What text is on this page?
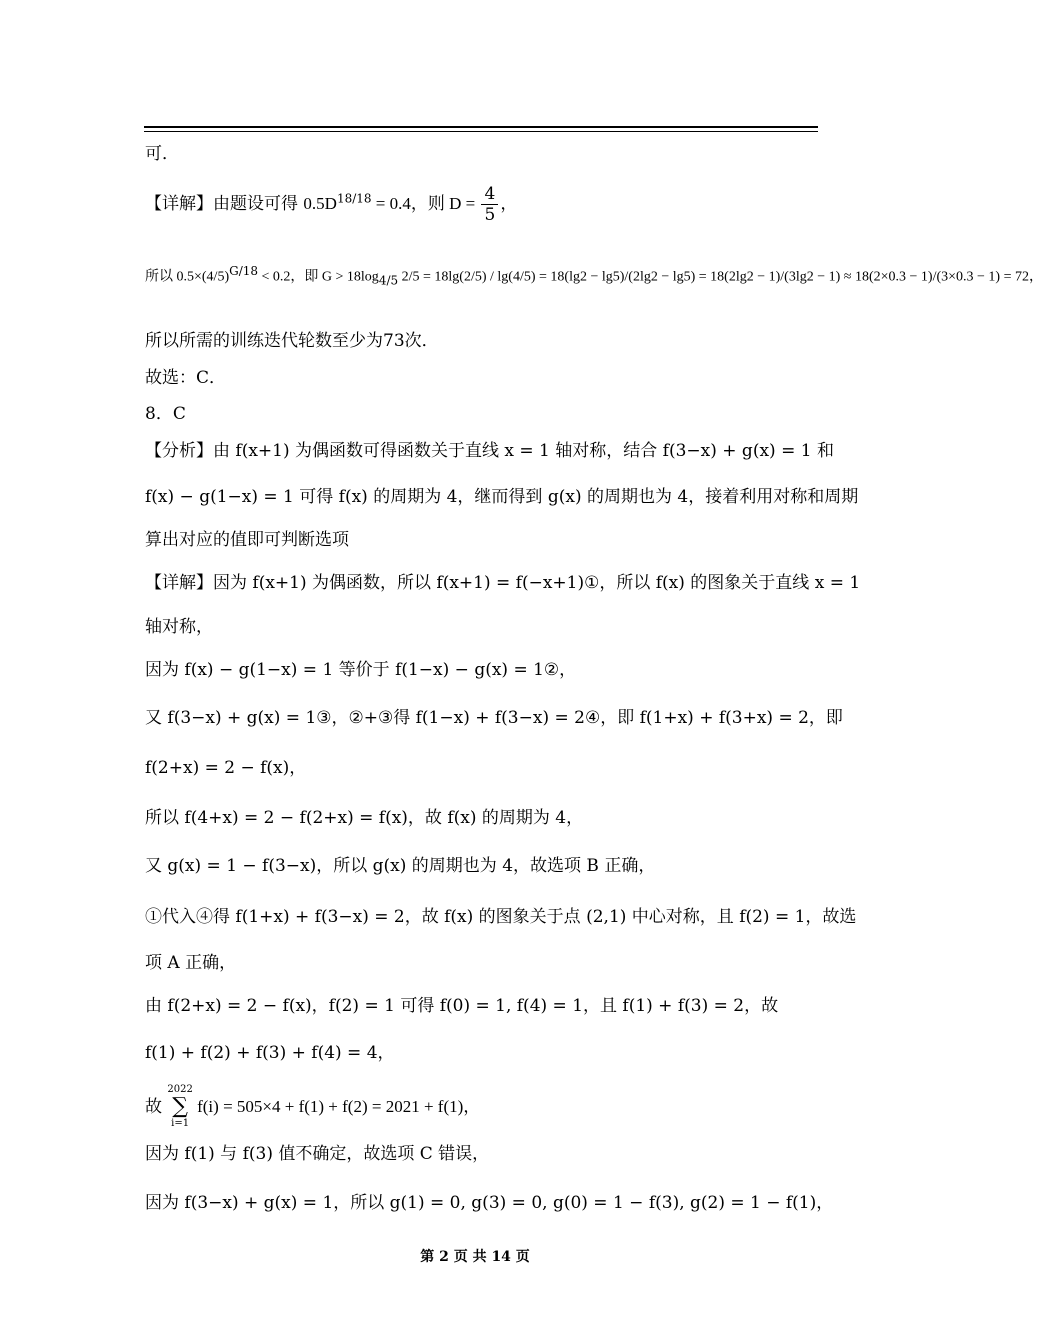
可．
【详解】由题设可得 $0.5D^{18/18} = 0.4$，则 $D = \frac{4}{5}$ ，
所以 $0.5\times(4/5)^{G/18} < 0.2$，即 $G > 18\log_{4/5}$ 2/5 = 18lg(2/5) / lg(4/5) = 18(lg2 − lg5)/(2lg2 − lg5) = 18(2lg2 − 1)/(3lg2 − 1) ≈ 18(2×0.3 − 1)/(3×0.3 − 1) = 72，
所以所需的训练迭代轮数至少为73次．
故选：C．
8．C
【分析】由 f(x+1) 为偶函数可得函数关于直线 x = 1 轴对称，结合 f(3−x) + g(x) = 1 和
f(x) − g(1−x) = 1 可得 f(x) 的周期为 4，继而得到 g(x) 的周期也为 4，接着利用对称和周期
算出对应的值即可判断选项
【详解】因为 f(x+1) 为偶函数，所以 f(x+1) = f(−x+1)①，所以 f(x) 的图象关于直线 x = 1
轴对称，
因为 f(x) − g(1−x) = 1 等价于 f(1−x) − g(x) = 1②，
又 f(3−x) + g(x) = 1③，②+③得 f(1−x) + f(3−x) = 2④，即 f(1+x) + f(3+x) = 2，即
f(2+x) = 2 − f(x)，
所以 f(4+x) = 2 − f(2+x) = f(x)，故 f(x) 的周期为 4，
又 g(x) = 1 − f(3−x)，所以 g(x) 的周期也为 4，故选项 B 正确，
①代入④得 f(1+x) + f(3−x) = 2，故 f(x) 的图象关于点 (2,1) 中心对称，且 f(2) = 1，故选
项 A 正确，
由 f(2+x) = 2 − f(x)，f(2) = 1 可得 f(0) = 1, f(4) = 1，且 f(1) + f(3) = 2，故
f(1) + f(2) + f(3) + f(4) = 4，
故
2022
∑
i=1
f(i) = 505×4 + f(1) + f(2) = 2021 + f(1)，
因为 f(1) 与 f(3) 值不确定，故选项 C 错误，
因为 f(3−x) + g(x) = 1，所以 g(1) = 0, g(3) = 0, g(0) = 1 − f(3), g(2) = 1 − f(1)，
第 2 页 共 14 页
